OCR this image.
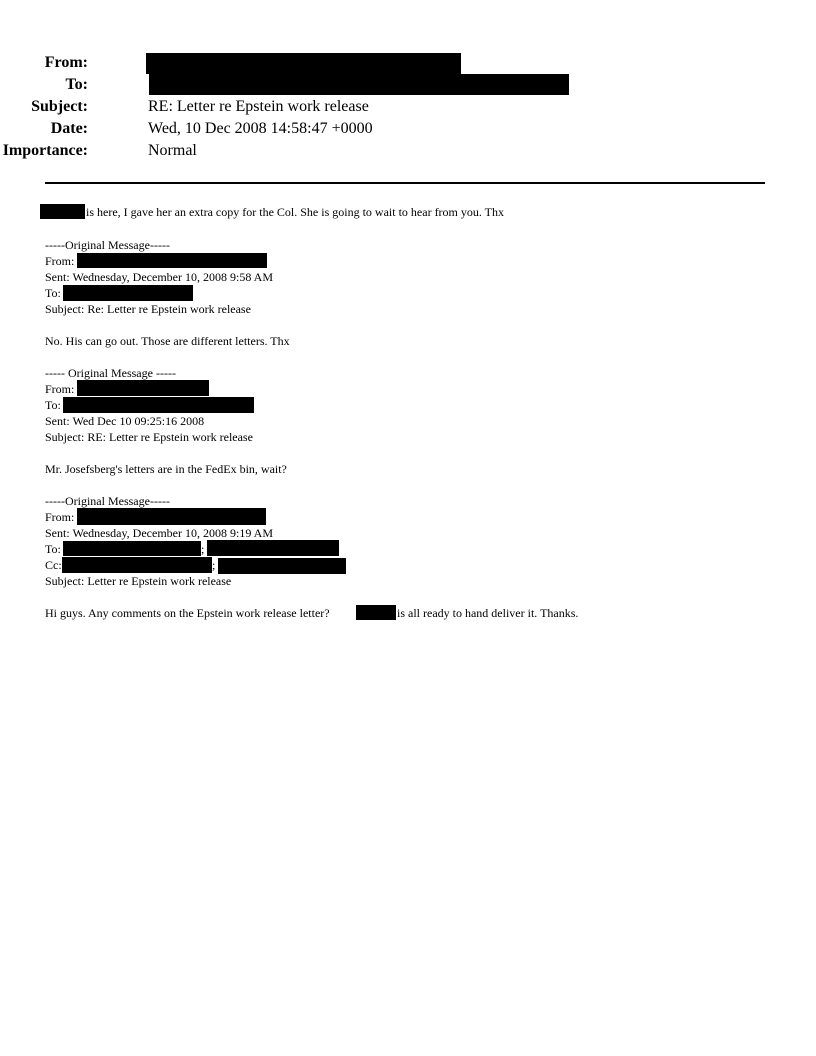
From:
To:
Subject:	RE: Letter re Epstein work release
Date:	Wed, 10 Dec 2008 14:58:47 +0000
Importance:	Normal
is here, I gave her an extra copy for the Col. She is going to wait to hear from you. Thx
-----Original Message-----
From:
Sent: Wednesday, December 10, 2008 9:58 AM
To:
Subject: Re: Letter re Epstein work release
No. His can go out. Those are different letters. Thx
----- Original Message -----
From:
To:
Sent: Wed Dec 10 09:25:16 2008
Subject: RE: Letter re Epstein work release
Mr. Josefsberg's letters are in the FedEx bin, wait?
-----Original Message-----
From:
Sent: Wednesday, December 10, 2008 9:19 AM
To:	;
Cc:	;
Subject: Letter re Epstein work release
Hi guys. Any comments on the Epstein work release letter?	is all ready to hand deliver it. Thanks.
